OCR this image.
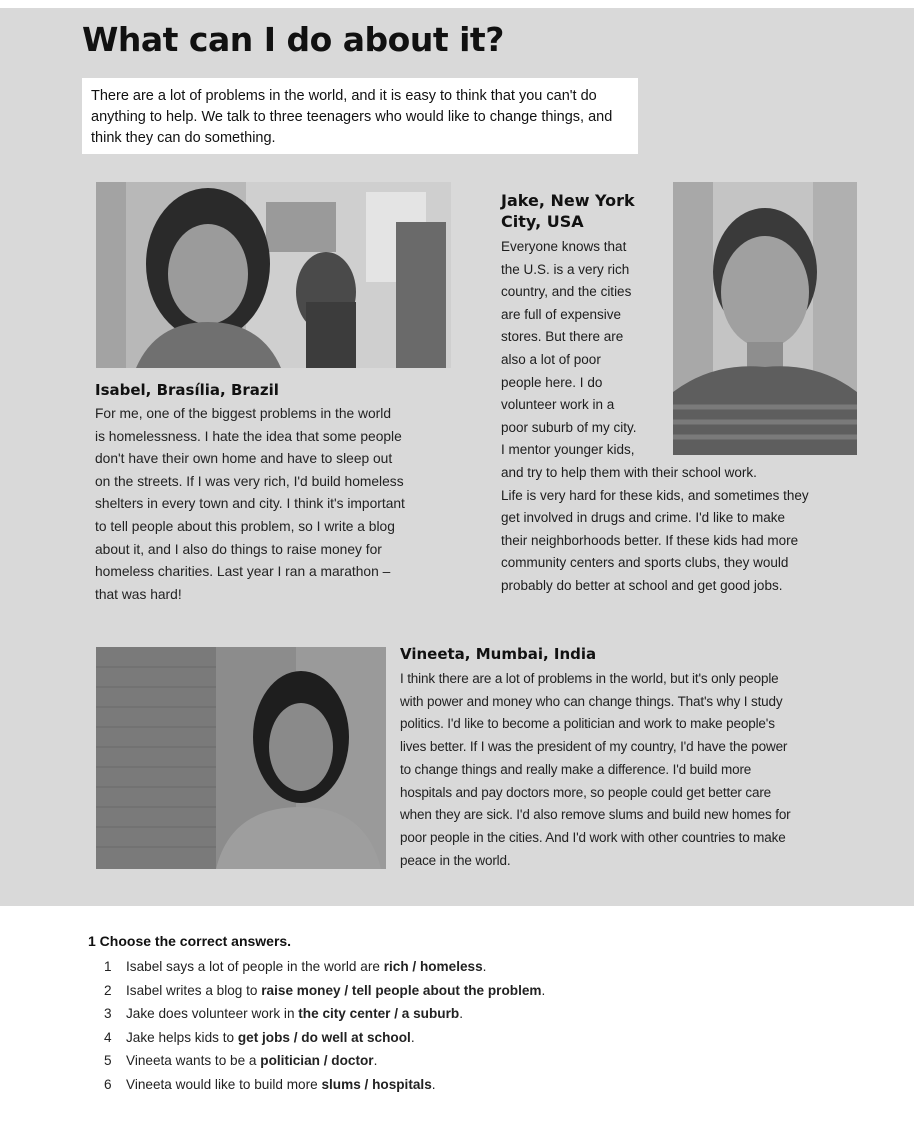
What can I do about it?
There are a lot of problems in the world, and it is easy to think that you can't do anything to help. We talk to three teenagers who would like to change things, and think they can do something.
Isabel, Brasília, Brazil
For me, one of the biggest problems in the world
is homelessness. I hate the idea that some people
don't have their own home and have to sleep out
on the streets. If I was very rich, I'd build homeless
shelters in every town and city. I think it's important
to tell people about this problem, so I write a blog
about it, and I also do things to raise money for
homeless charities. Last year I ran a marathon –
that was hard!
Jake, New York
City, USA
Everyone knows that
the U.S. is a very rich
country, and the cities
are full of expensive
stores. But there are
also a lot of poor
people here. I do
volunteer work in a
poor suburb of my city.
I mentor younger kids,
and try to help them with their school work.
Life is very hard for these kids, and sometimes they
get involved in drugs and crime. I'd like to make
their neighborhoods better. If these kids had more
community centers and sports clubs, they would
probably do better at school and get good jobs.
Vineeta, Mumbai, India
I think there are a lot of problems in the world, but it's only people
with power and money who can change things. That's why I study
politics. I'd like to become a politician and work to make people's
lives better. If I was the president of my country, I'd have the power
to change things and really make a difference. I'd build more
hospitals and pay doctors more, so people could get better care
when they are sick. I'd also remove slums and build new homes for
poor people in the cities. And I'd work with other countries to make
peace in the world.
1 Choose the correct answers.
1 Isabel says a lot of people in the world are rich / homeless.
2 Isabel writes a blog to raise money / tell people about the problem.
3 Jake does volunteer work in the city center / a suburb.
4 Jake helps kids to get jobs / do well at school.
5 Vineeta wants to be a politician / doctor.
6 Vineeta would like to build more slums / hospitals.
